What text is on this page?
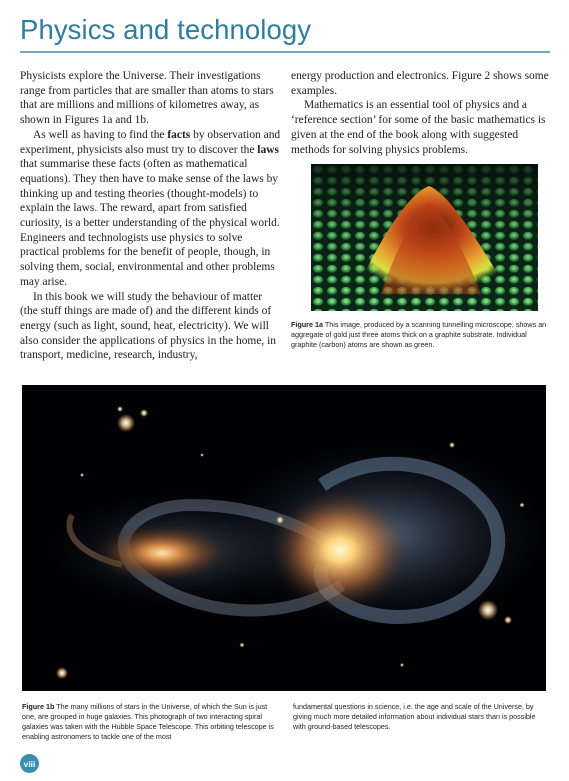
Physics and technology

Physicists explore the Universe. Their investigations range from particles that are smaller than atoms to stars that are millions and millions of kilometres away, as shown in Figures 1a and 1b.

As well as having to find the facts by observation and experiment, physicists also must try to discover the laws that summarise these facts (often as mathematical equations). They then have to make sense of the laws by thinking up and testing theories (thought-models) to explain the laws. The reward, apart from satisfied curiosity, is a better understanding of the physical world. Engineers and technologists use physics to solve practical problems for the benefit of people, though, in solving them, social, environmental and other problems may arise.

In this book we will study the behaviour of matter (the stuff things are made of) and the different kinds of energy (such as light, sound, heat, electricity). We will also consider the applications of physics in the home, in transport, medicine, research, industry,

energy production and electronics. Figure 2 shows some examples.

Mathematics is an essential tool of physics and a ‘reference section’ for some of the basic mathematics is given at the end of the book along with suggested methods for solving physics problems.

Figure 1a This image, produced by a scanning tunnelling microscope, shows an aggregate of gold just three atoms thick on a graphite substrate. Individual graphite (carbon) atoms are shown as green.
Figure 1b The many millions of stars in the Universe, of which the Sun is just one, are grouped in huge galaxies. This photograph of two interacting spiral galaxies was taken with the Hubble Space Telescope. This orbiting telescope is enabling astronomers to tackle one of the most
fundamental questions in science, i.e. the age and scale of the Universe, by giving much more detailed information about individual stars than is possible with ground-based telescopes.
viii
